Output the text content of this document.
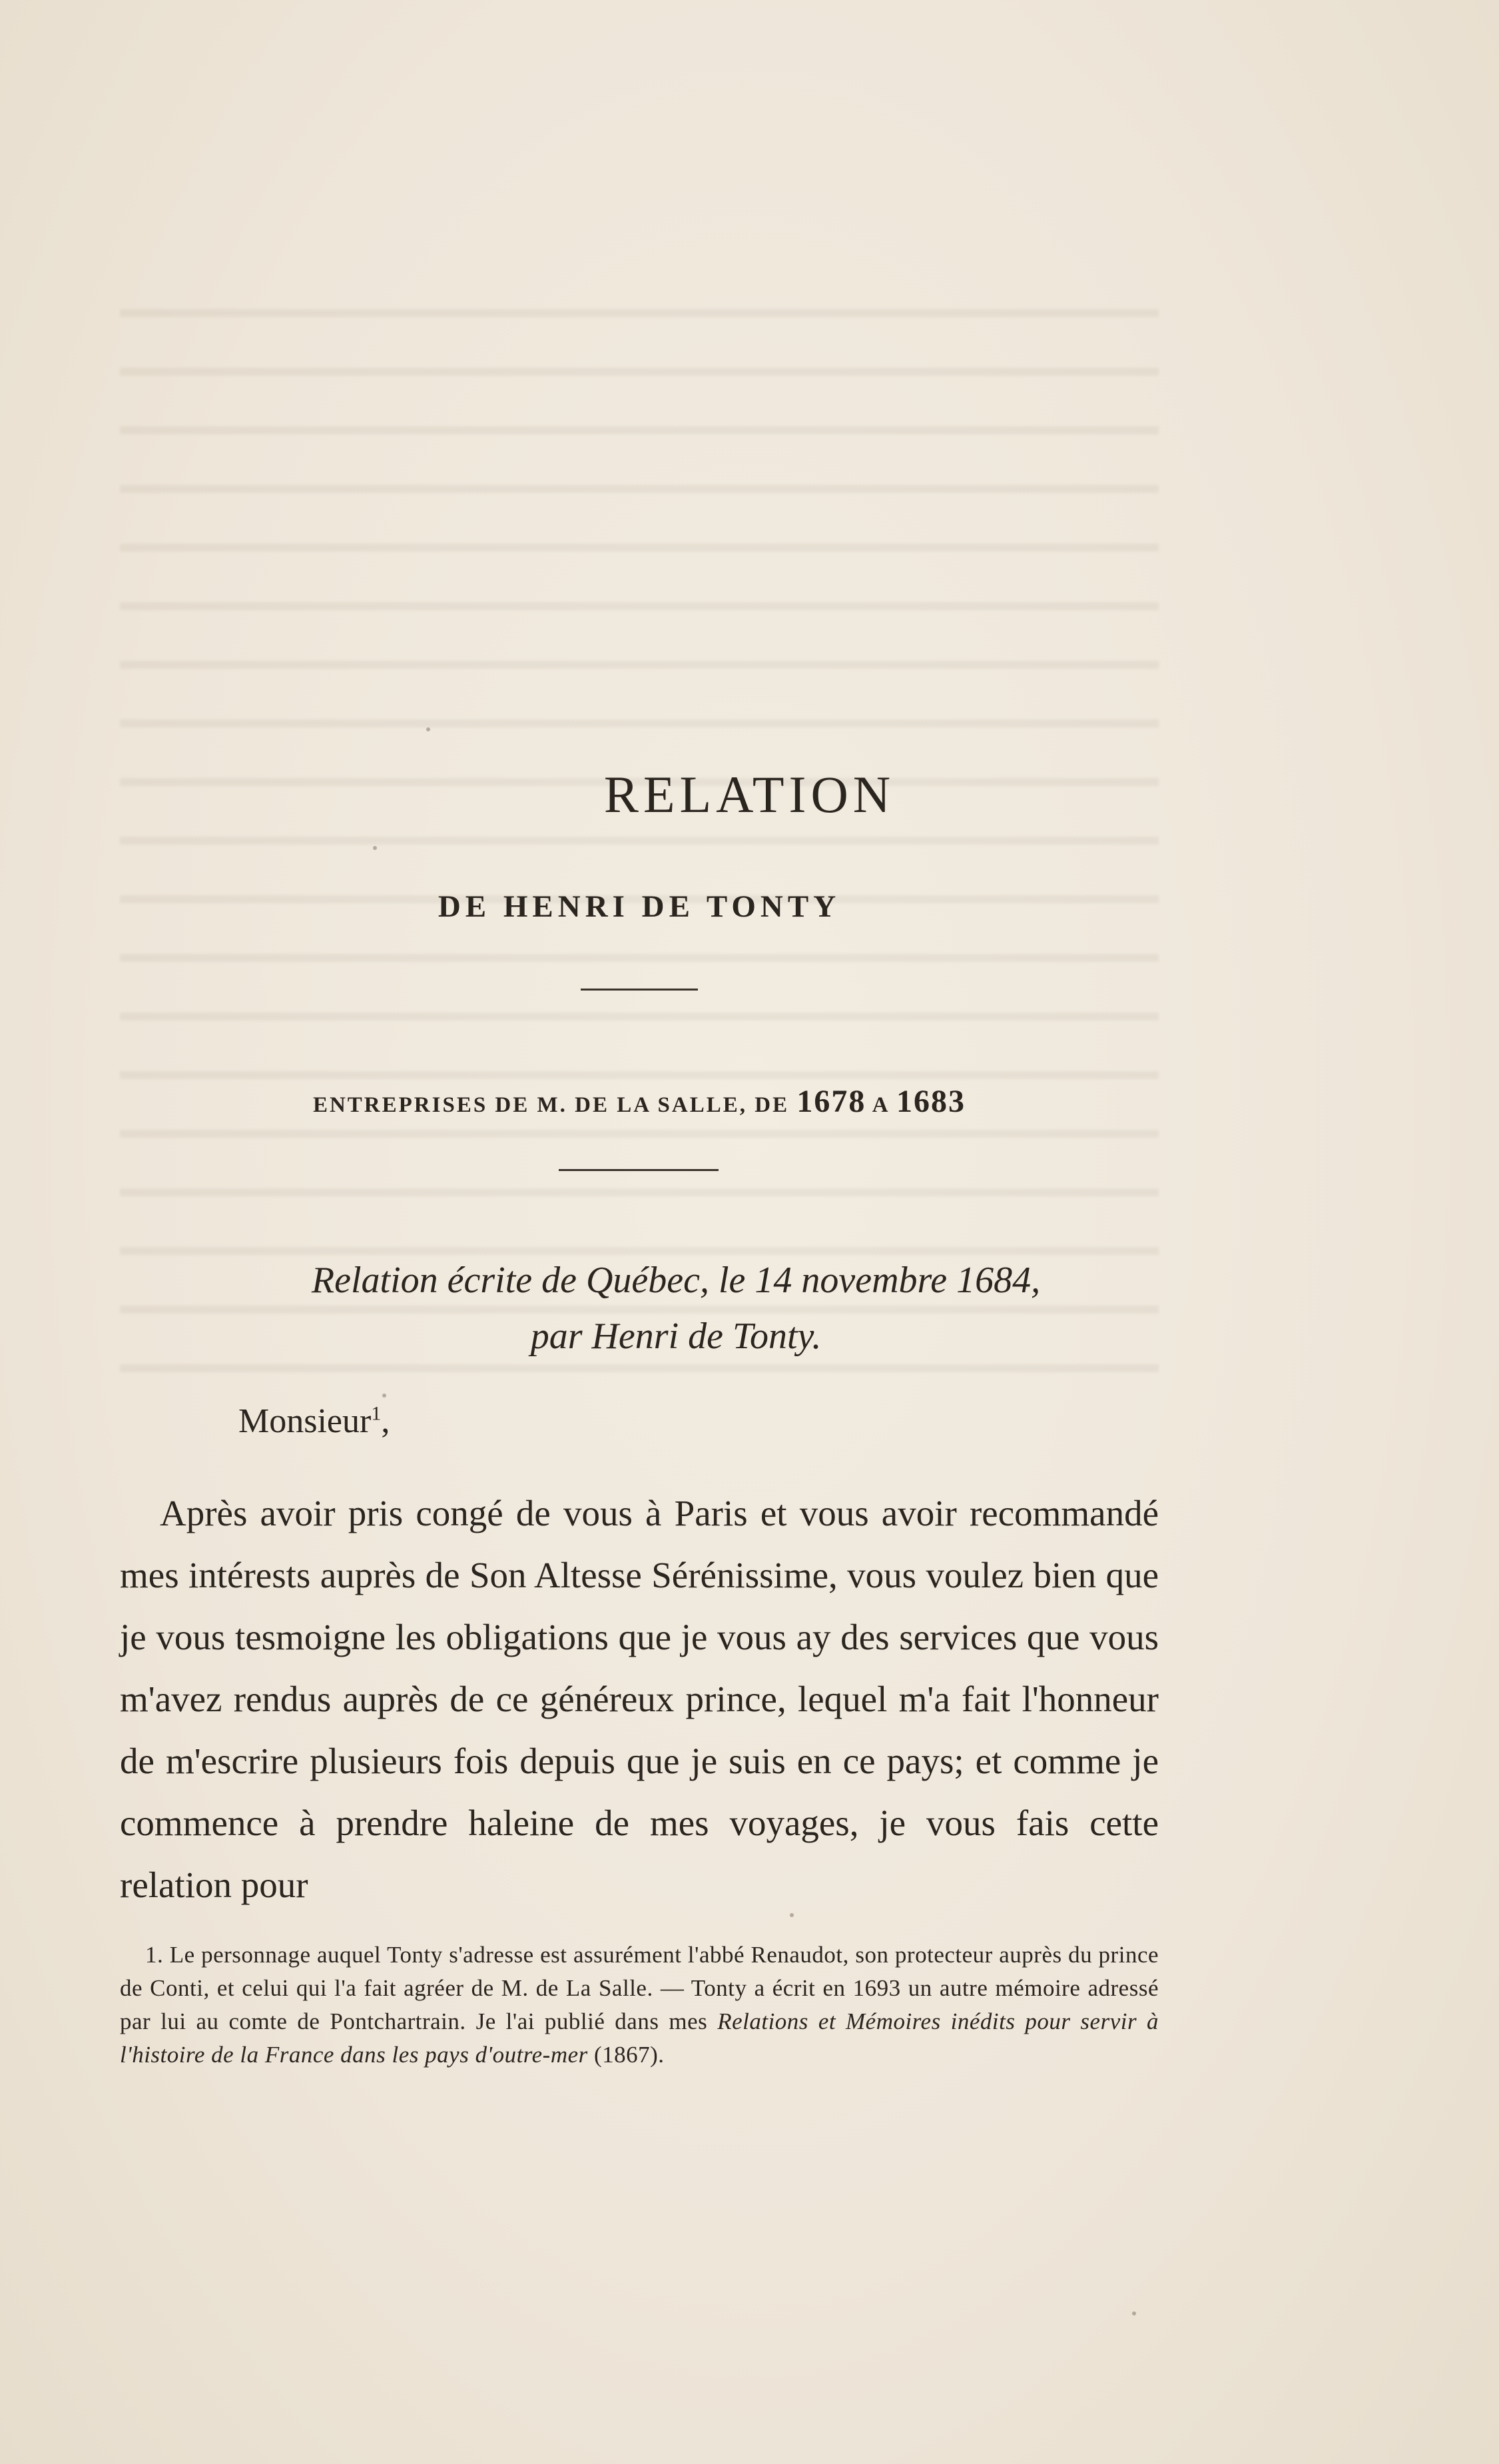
RELATION
DE HENRI DE TONTY
ENTREPRISES DE M. DE LA SALLE, DE 1678 A 1683
Relation écrite de Québec, le 14 novembre 1684,
par Henri de Tonty.
Monsieur$^1$,

Après avoir pris congé de vous à Paris et vous avoir recommandé mes intérests auprès de Son Altesse Sérénissime, vous voulez bien que je vous tesmoigne les obligations que je vous ay des services que vous m'avez rendus auprès de ce généreux prince, lequel m'a fait l'honneur de m'escrire plusieurs fois depuis que je suis en ce pays; et comme je commence à prendre haleine de mes voyages, je vous fais cette relation pour

1. Le personnage auquel Tonty s'adresse est assurément l'abbé Renaudot, son protecteur auprès du prince de Conti, et celui qui l'a fait agréer de M. de La Salle. — Tonty a écrit en 1693 un autre mémoire adressé par lui au comte de Pontchartrain. Je l'ai publié dans mes Relations et Mémoires inédits pour servir à l'histoire de la France dans les pays d'outre-mer (1867).
